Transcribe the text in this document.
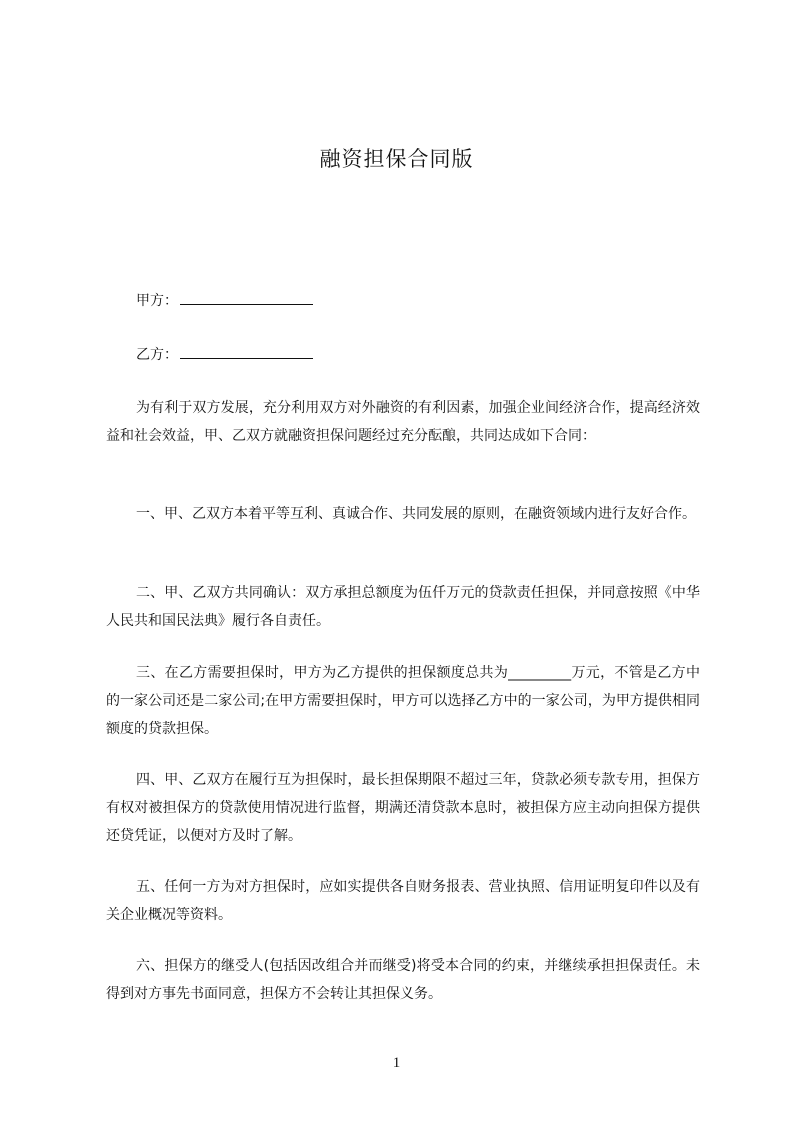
融资担保合同版
甲方：
乙方：
为有利于双方发展，充分利用双方对外融资的有利因素，加强企业间经济合作，提高经济效益和社会效益，甲、乙双方就融资担保问题经过充分酝酿，共同达成如下合同：
一、甲、乙双方本着平等互利、真诚合作、共同发展的原则，在融资领域内进行友好合作。
二、甲、乙双方共同确认：双方承担总额度为伍仟万元的贷款责任担保，并同意按照《中华人民共和国民法典》履行各自责任。
三、在乙方需要担保时，甲方为乙方提供的担保额度总共为_________万元，不管是乙方中的一家公司还是二家公司;在甲方需要担保时，甲方可以选择乙方中的一家公司，为甲方提供相同额度的贷款担保。
四、甲、乙双方在履行互为担保时，最长担保期限不超过三年，贷款必须专款专用，担保方有权对被担保方的贷款使用情况进行监督，期满还清贷款本息时，被担保方应主动向担保方提供还贷凭证，以便对方及时了解。
五、任何一方为对方担保时，应如实提供各自财务报表、营业执照、信用证明复印件以及有关企业概况等资料。
六、担保方的继受人(包括因改组合并而继受)将受本合同的约束，并继续承担担保责任。未得到对方事先书面同意，担保方不会转让其担保义务。
1
